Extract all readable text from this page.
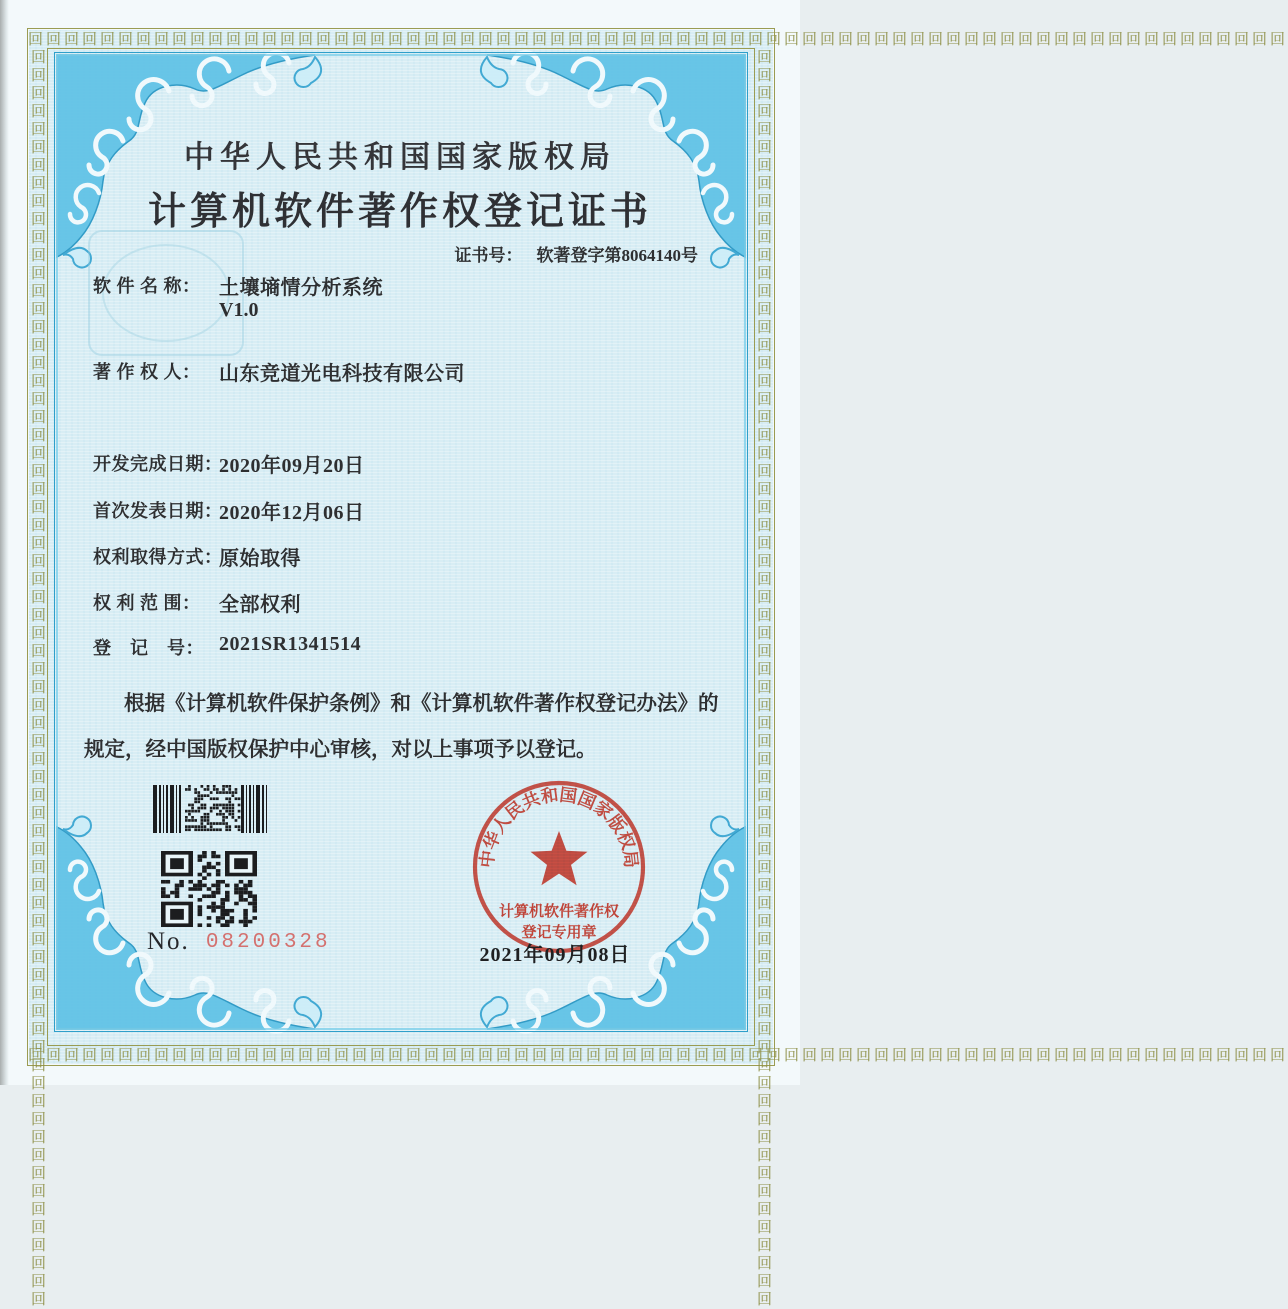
回回回回回回回回回回回回回回回回回回回回回回回回回回回回回回回回回回回回回回回回回回回回回回回回回回回回回回回回回回回回回回回回回回回回回回
回回回回回回回回回回回回回回回回回回回回回回回回回回回回回回回回回回回回回回回回回回回回回回回回回回回回回回回回回回回回回回回回回回回回回回
回回回回回回回回回回回回回回回回回回回回回回回回回回回回回回回回回回回回回回回回回回回回回回回回回回回回回回回回回回回回回回回回回回回回回回	回回回回回回回回回回回回回回回回回回回回回回回回回回回回回回回回回回回回回回回回回回回回回回回回回回回回回回回回回回回回回回回回回回回回回回
中华人民共和国国家版权局
计算机软件著作权登记证书
证书号： 软著登字第8064140号
软 件 名 称： 土壤墒情分析系统
V1.0
著 作 权 人： 山东竞道光电科技有限公司
开发完成日期：
2020年09月20日
首次发表日期：
2020年12月06日
权利取得方式：
原始取得
权 利 范 围： 全部权利
登　记　号： 2021SR1341514
根据《计算机软件保护条例》和《计算机软件著作权登记办法》的
规定，经中国版权保护中心审核，对以上事项予以登记。
No. 08200328
中华人民共和国国家版权局
计算机软件著作权
登记专用章
2021年09月08日
